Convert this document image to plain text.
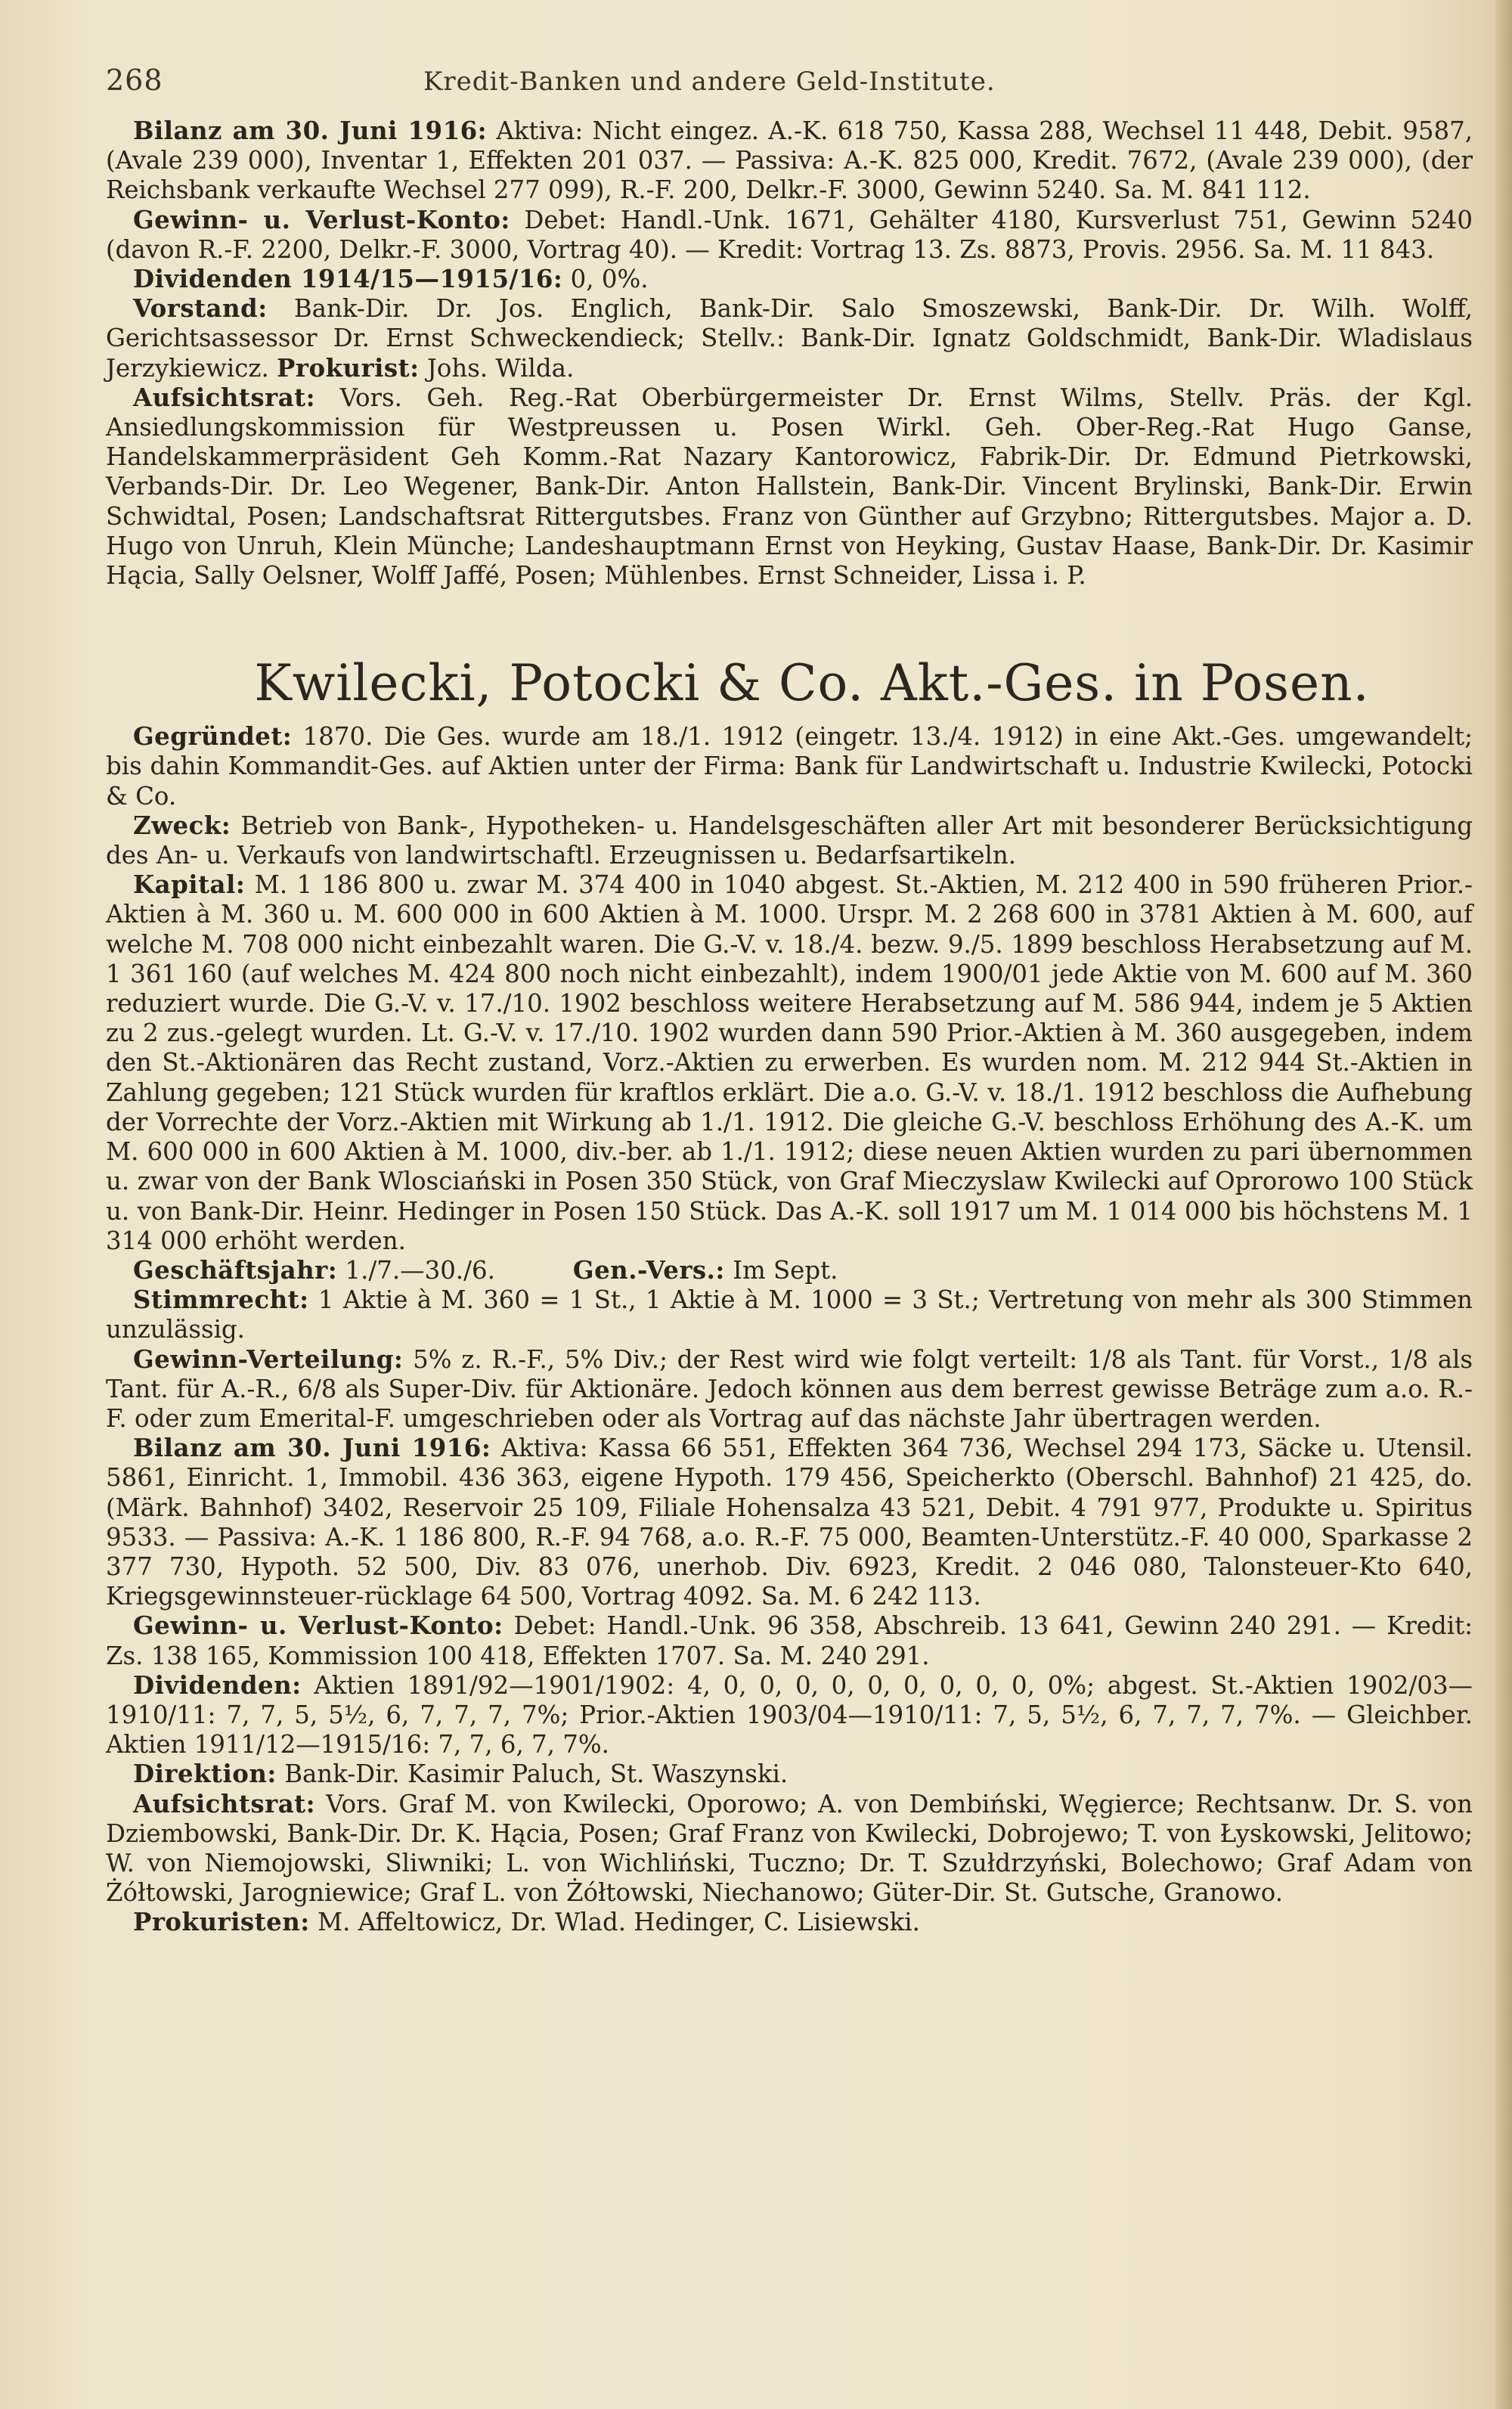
268	Kredit-Banken und andere Geld-Institute.

Bilanz am 30. Juni 1916: Aktiva: Nicht eingez. A.-K. 618 750, Kassa 288, Wechsel 11 448, Debit. 9587, (Avale 239 000), Inventar 1, Effekten 201 037. — Passiva: A.-K. 825 000, Kredit. 7672, (Avale 239 000), (der Reichsbank verkaufte Wechsel 277 099), R.-F. 200, Delkr.-F. 3000, Gewinn 5240. Sa. M. 841 112.

Gewinn- u. Verlust-Konto: Debet: Handl.-Unk. 1671, Gehälter 4180, Kursverlust 751, Gewinn 5240 (davon R.-F. 2200, Delkr.-F. 3000, Vortrag 40). — Kredit: Vortrag 13. Zs. 8873, Provis. 2956. Sa. M. 11 843.

Dividenden 1914/15—1915/16: 0, 0%.

Vorstand: Bank-Dir. Dr. Jos. Englich, Bank-Dir. Salo Smoszewski, Bank-Dir. Dr. Wilh. Wolff, Gerichtsassessor Dr. Ernst Schweckendieck; Stellv.: Bank-Dir. Ignatz Goldschmidt, Bank-Dir. Wladislaus Jerzykiewicz. Prokurist: Johs. Wilda.

Aufsichtsrat: Vors. Geh. Reg.-Rat Oberbürgermeister Dr. Ernst Wilms, Stellv. Präs. der Kgl. Ansiedlungskommission für Westpreussen u. Posen Wirkl. Geh. Ober-Reg.-Rat Hugo Ganse, Handelskammerpräsident Geh Komm.-Rat Nazary Kantorowicz, Fabrik-Dir. Dr. Edmund Pietrkowski, Verbands-Dir. Dr. Leo Wegener, Bank-Dir. Anton Hallstein, Bank-Dir. Vincent Brylinski, Bank-Dir. Erwin Schwidtal, Posen; Landschaftsrat Rittergutsbes. Franz von Günther auf Grzybno; Rittergutsbes. Major a. D. Hugo von Unruh, Klein Münche; Landeshauptmann Ernst von Heyking, Gustav Haase, Bank-Dir. Dr. Kasimir Hącia, Sally Oelsner, Wolff Jaffé, Posen; Mühlenbes. Ernst Schneider, Lissa i. P.

Kwilecki, Potocki & Co. Akt.-Ges. in Posen.

Gegründet: 1870. Die Ges. wurde am 18./1. 1912 (eingetr. 13./4. 1912) in eine Akt.-Ges. umgewandelt; bis dahin Kommandit-Ges. auf Aktien unter der Firma: Bank für Landwirtschaft u. Industrie Kwilecki, Potocki & Co.

Zweck: Betrieb von Bank-, Hypotheken- u. Handelsgeschäften aller Art mit besonderer Berücksichtigung des An- u. Verkaufs von landwirtschaftl. Erzeugnissen u. Bedarfsartikeln.

Kapital: M. 1 186 800 u. zwar M. 374 400 in 1040 abgest. St.-Aktien, M. 212 400 in 590 früheren Prior.-Aktien à M. 360 u. M. 600 000 in 600 Aktien à M. 1000. Urspr. M. 2 268 600 in 3781 Aktien à M. 600, auf welche M. 708 000 nicht einbezahlt waren. Die G.-V. v. 18./4. bezw. 9./5. 1899 beschloss Herabsetzung auf M. 1 361 160 (auf welches M. 424 800 noch nicht einbezahlt), indem 1900/01 jede Aktie von M. 600 auf M. 360 reduziert wurde. Die G.-V. v. 17./10. 1902 beschloss weitere Herabsetzung auf M. 586 944, indem je 5 Aktien zu 2 zus.-gelegt wurden. Lt. G.-V. v. 17./10. 1902 wurden dann 590 Prior.-Aktien à M. 360 ausgegeben, indem den St.-Aktionären das Recht zustand, Vorz.-Aktien zu erwerben. Es wurden nom. M. 212 944 St.-Aktien in Zahlung gegeben; 121 Stück wurden für kraftlos erklärt. Die a.o. G.-V. v. 18./1. 1912 beschloss die Aufhebung der Vorrechte der Vorz.-Aktien mit Wirkung ab 1./1. 1912. Die gleiche G.-V. beschloss Erhöhung des A.-K. um M. 600 000 in 600 Aktien à M. 1000, div.-ber. ab 1./1. 1912; diese neuen Aktien wurden zu pari übernommen u. zwar von der Bank Wlosciański in Posen 350 Stück, von Graf Mieczyslaw Kwilecki auf Oprorowo 100 Stück u. von Bank-Dir. Heinr. Hedinger in Posen 150 Stück. Das A.-K. soll 1917 um M. 1 014 000 bis höchstens M. 1 314 000 erhöht werden.

Geschäftsjahr: 1./7.—30./6.	Gen.-Vers.: Im Sept.

Stimmrecht: 1 Aktie à M. 360 = 1 St., 1 Aktie à M. 1000 = 3 St.; Vertretung von mehr als 300 Stimmen unzulässig.

Gewinn-Verteilung: 5% z. R.-F., 5% Div.; der Rest wird wie folgt verteilt: 1/8 als Tant. für Vorst., 1/8 als Tant. für A.-R., 6/8 als Super-Div. für Aktionäre. Jedoch können aus dem berrest gewisse Beträge zum a.o. R.-F. oder zum Emerital-F. umgeschrieben oder als Vortrag auf das nächste Jahr übertragen werden.

Bilanz am 30. Juni 1916: Aktiva: Kassa 66 551, Effekten 364 736, Wechsel 294 173, Säcke u. Utensil. 5861, Einricht. 1, Immobil. 436 363, eigene Hypoth. 179 456, Speicherkto (Oberschl. Bahnhof) 21 425, do. (Märk. Bahnhof) 3402, Reservoir 25 109, Filiale Hohensalza 43 521, Debit. 4 791 977, Produkte u. Spiritus 9533. — Passiva: A.-K. 1 186 800, R.-F. 94 768, a.o. R.-F. 75 000, Beamten-Unterstütz.-F. 40 000, Sparkasse 2 377 730, Hypoth. 52 500, Div. 83 076, unerhob. Div. 6923, Kredit. 2 046 080, Talonsteuer-Kto 640, Kriegsgewinnsteuer-rücklage 64 500, Vortrag 4092. Sa. M. 6 242 113.

Gewinn- u. Verlust-Konto: Debet: Handl.-Unk. 96 358, Abschreib. 13 641, Gewinn 240 291. — Kredit: Zs. 138 165, Kommission 100 418, Effekten 1707. Sa. M. 240 291.

Dividenden: Aktien 1891/92—1901/1902: 4, 0, 0, 0, 0, 0, 0, 0, 0, 0, 0%; abgest. St.-Aktien 1902/03—1910/11: 7, 7, 5, 5½, 6, 7, 7, 7, 7%; Prior.-Aktien 1903/04—1910/11: 7, 5, 5½, 6, 7, 7, 7, 7%. — Gleichber. Aktien 1911/12—1915/16: 7, 7, 6, 7, 7%.

Direktion: Bank-Dir. Kasimir Paluch, St. Waszynski.

Aufsichtsrat: Vors. Graf M. von Kwilecki, Oporowo; A. von Dembiński, Węgierce; Rechtsanw. Dr. S. von Dziembowski, Bank-Dir. Dr. K. Hącia, Posen; Graf Franz von Kwilecki, Dobrojewo; T. von Łyskowski, Jelitowo; W. von Niemojowski, Sliwniki; L. von Wichliński, Tuczno; Dr. T. Szułdrzyński, Bolechowo; Graf Adam von Żółtowski, Jarogniewice; Graf L. von Żółtowski, Niechanowo; Güter-Dir. St. Gutsche, Granowo.

Prokuristen: M. Affeltowicz, Dr. Wlad. Hedinger, C. Lisiewski.
